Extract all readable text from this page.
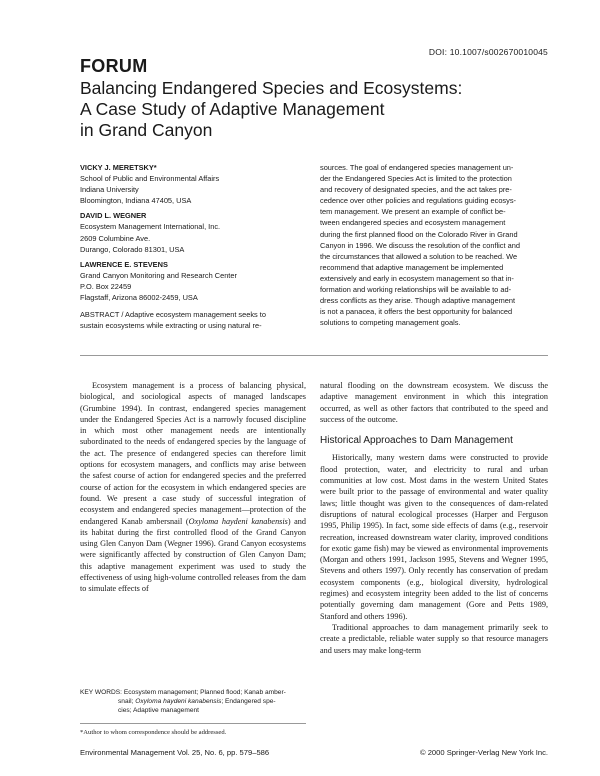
DOI: 10.1007/s002670010045
FORUM
Balancing Endangered Species and Ecosystems:
A Case Study of Adaptive Management
in Grand Canyon
VICKY J. MERETSKY*
School of Public and Environmental Affairs
Indiana University
Bloomington, Indiana 47405, USA
DAVID L. WEGNER
Ecosystem Management International, Inc.
2609 Columbine Ave.
Durango, Colorado 81301, USA
LAWRENCE E. STEVENS
Grand Canyon Monitoring and Research Center
P.O. Box 22459
Flagstaff, Arizona 86002-2459, USA
ABSTRACT / Adaptive ecosystem management seeks to
sustain ecosystems while extracting or using natural re-
sources. The goal of endangered species management un-
der the Endangered Species Act is limited to the protection
and recovery of designated species, and the act takes pre-
cedence over other policies and regulations guiding ecosys-
tem management. We present an example of conflict be-
tween endangered species and ecosystem management
during the first planned flood on the Colorado River in Grand
Canyon in 1996. We discuss the resolution of the conflict and
the circumstances that allowed a solution to be reached. We
recommend that adaptive management be implemented
extensively and early in ecosystem management so that in-
formation and working relationships will be available to ad-
dress conflicts as they arise. Though adaptive management
is not a panacea, it offers the best opportunity for balanced
solutions to competing management goals.

Ecosystem management is a process of balancing physical, biological, and sociological aspects of managed landscapes (Grumbine 1994). In contrast, endangered species management under the Endangered Species Act is a narrowly focused discipline in which most other management needs are intentionally subordinated to the needs of endangered species by the language of the act. The presence of endangered species can therefore limit options for ecosystem managers, and conflicts may arise between the safest course of action for endangered species and the preferred course of action for the ecosystem in which endangered species are found. We present a case study of successful integration of ecosystem and endangered species management—protection of the endangered Kanab ambersnail (Oxyloma haydeni kanabensis) and its habitat during the first controlled flood of the Grand Canyon using Glen Canyon Dam (Wegner 1996). Grand Canyon ecosystems were significantly affected by construction of Glen Canyon Dam; this adaptive management experiment was used to study the effectiveness of using high-volume controlled releases from the dam to simulate effects of

natural flooding on the downstream ecosystem. We discuss the adaptive management environment in which this integration occurred, as well as other factors that contributed to the speed and success of the outcome.

Historical Approaches to Dam Management

Historically, many western dams were constructed to provide flood protection, water, and electricity to rural and urban communities at low cost. Most dams in the western United States were built prior to the passage of environmental and water quality laws; little thought was given to the consequences of dam-related disruptions of natural ecological processes (Harper and Ferguson 1995, Philip 1995). In fact, some side effects of dams (e.g., reservoir recreation, increased downstream water clarity, improved conditions for exotic game fish) may be viewed as environmental improvements (Morgan and others 1991, Jackson 1995, Stevens and Wegner 1995, Stevens and others 1997). Only recently has conservation of predam ecosystem components (e.g., biological diversity, hydrological regimes) and ecosystem integrity been added to the list of concerns potentially governing dam management (Gore and Petts 1989, Stanford and others 1996).

Traditional approaches to dam management primarily seek to create a predictable, reliable water supply so that resource managers and users may make long-term

KEY WORDS: Ecosystem management; Planned flood; Kanab amber-
snail; Oxyloma haydeni kanabensis; Endangered spe-
cies; Adaptive management
*Author to whom correspondence should be addressed.
Environmental Management Vol. 25, No. 6, pp. 579–586	© 2000 Springer-Verlag New York Inc.
